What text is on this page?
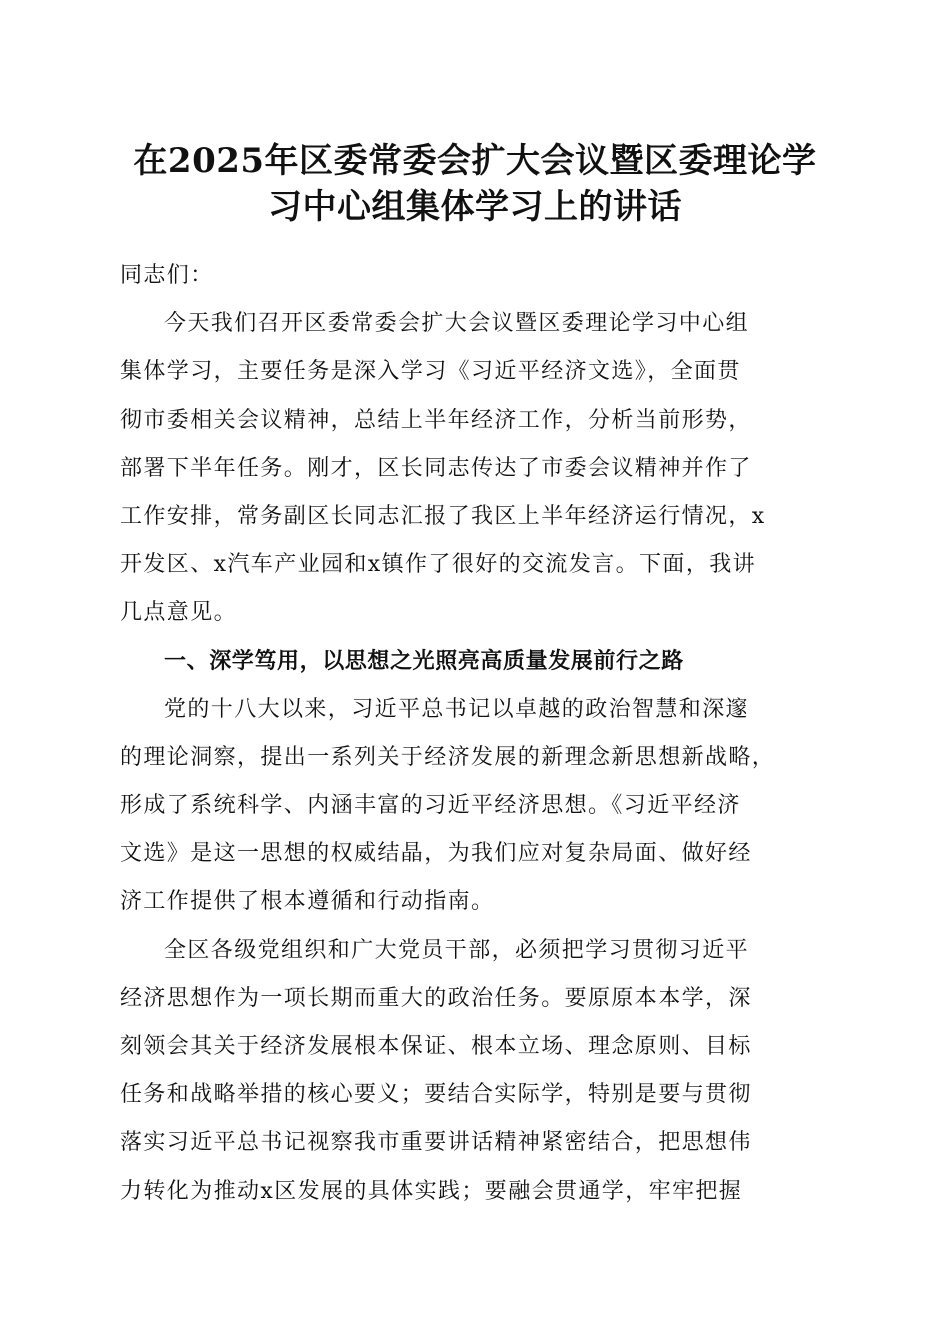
在2025年区委常委会扩大会议暨区委理论学
习中心组集体学习上的讲话
同志们：
今天我们召开区委常委会扩大会议暨区委理论学习中心组
集体学习，主要任务是深入学习《习近平经济文选》，全面贯
彻市委相关会议精神，总结上半年经济工作，分析当前形势，
部署下半年任务。刚才，区长同志传达了市委会议精神并作了
工作安排，常务副区长同志汇报了我区上半年经济运行情况，x
开发区、x汽车产业园和x镇作了很好的交流发言。下面，我讲
几点意见。
一、深学笃用，以思想之光照亮高质量发展前行之路
党的十八大以来，习近平总书记以卓越的政治智慧和深邃
的理论洞察，提出一系列关于经济发展的新理念新思想新战略，
形成了系统科学、内涵丰富的习近平经济思想。《习近平经济
文选》是这一思想的权威结晶，为我们应对复杂局面、做好经
济工作提供了根本遵循和行动指南。
全区各级党组织和广大党员干部，必须把学习贯彻习近平
经济思想作为一项长期而重大的政治任务。要原原本本学，深
刻领会其关于经济发展根本保证、根本立场、理念原则、目标
任务和战略举措的核心要义；要结合实际学，特别是要与贯彻
落实习近平总书记视察我市重要讲话精神紧密结合，把思想伟
力转化为推动x区发展的具体实践；要融会贯通学，牢牢把握
